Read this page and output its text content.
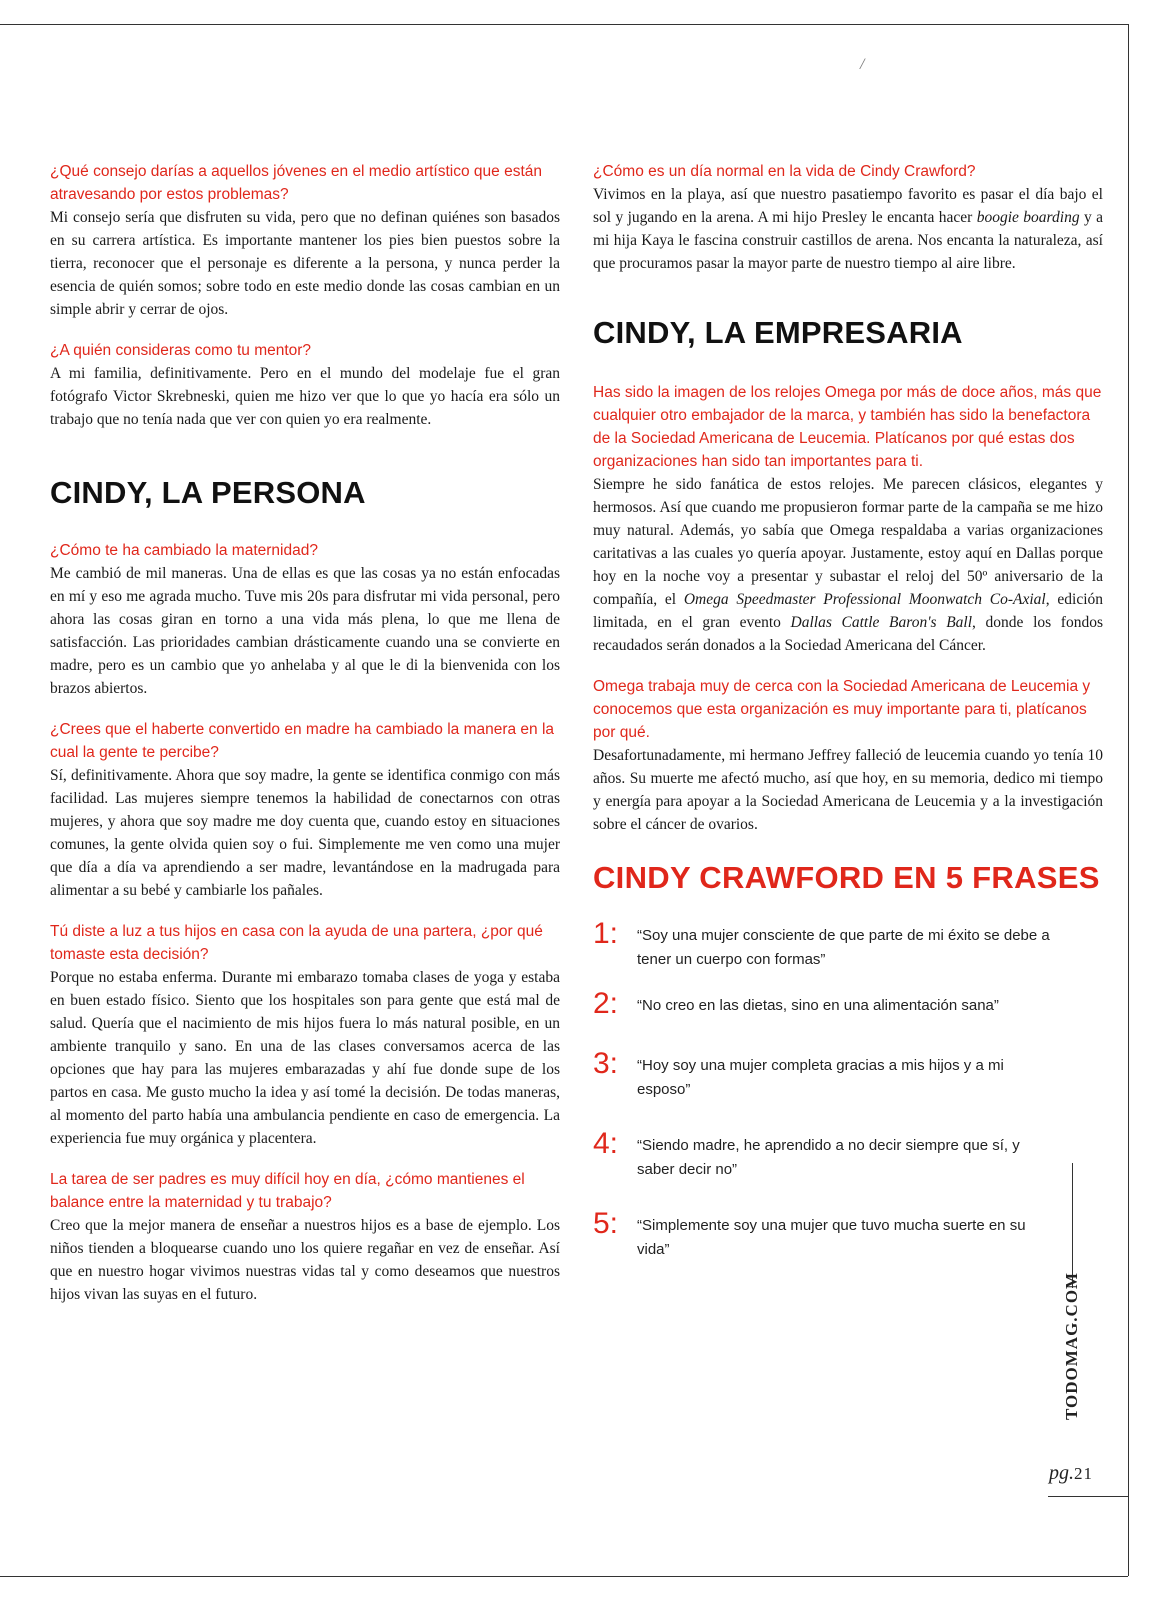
/

¿Qué consejo darías a aquellos jóvenes en el medio artístico que están atravesando por estos problemas?

Mi consejo sería que disfruten su vida, pero que no definan quiénes son basados en su carrera artística. Es importante mantener los pies bien puestos sobre la tierra, reconocer que el personaje es diferente a la persona, y nunca perder la esencia de quién somos; sobre todo en este medio donde las cosas cambian en un simple abrir y cerrar de ojos.

¿A quién consideras como tu mentor?

A mi familia, definitivamente. Pero en el mundo del modelaje fue el gran fotógrafo Victor Skrebneski, quien me hizo ver que lo que yo hacía era sólo un trabajo que no tenía nada que ver con quien yo era realmente.

CINDY, LA PERSONA

¿Cómo te ha cambiado la maternidad?

Me cambió de mil maneras. Una de ellas es que las cosas ya no están enfocadas en mí y eso me agrada mucho. Tuve mis 20s para disfrutar mi vida personal, pero ahora las cosas giran en torno a una vida más plena, lo que me llena de satisfacción. Las prioridades cambian drásticamente cuando una se convierte en madre, pero es un cambio que yo anhelaba y al que le di la bienvenida con los brazos abiertos.

¿Crees que el haberte convertido en madre ha cambiado la manera en la cual la gente te percibe?

Sí, definitivamente. Ahora que soy madre, la gente se identifica conmigo con más facilidad. Las mujeres siempre tenemos la habilidad de conectarnos con otras mujeres, y ahora que soy madre me doy cuenta que, cuando estoy en situaciones comunes, la gente olvida quien soy o fui. Simplemente me ven como una mujer que día a día va aprendiendo a ser madre, levantándose en la madrugada para alimentar a su bebé y cambiarle los pañales.

Tú diste a luz a tus hijos en casa con la ayuda de una partera, ¿por qué tomaste esta decisión?

Porque no estaba enferma. Durante mi embarazo tomaba clases de yoga y estaba en buen estado físico. Siento que los hospitales son para gente que está mal de salud. Quería que el nacimiento de mis hijos fuera lo más natural posible, en un ambiente tranquilo y sano. En una de las clases conversamos acerca de las opciones que hay para las mujeres embarazadas y ahí fue donde supe de los partos en casa. Me gusto mucho la idea y así tomé la decisión. De todas maneras, al momento del parto había una ambulancia pendiente en caso de emergencia. La experiencia fue muy orgánica y placentera.

La tarea de ser padres es muy difícil hoy en día, ¿cómo mantienes el balance entre la maternidad y tu trabajo?

Creo que la mejor manera de enseñar a nuestros hijos es a base de ejemplo. Los niños tienden a bloquearse cuando uno los quiere regañar en vez de enseñar. Así que en nuestro hogar vivimos nuestras vidas tal y como deseamos que nuestros hijos vivan las suyas en el futuro.

¿Cómo es un día normal en la vida de Cindy Crawford?

Vivimos en la playa, así que nuestro pasatiempo favorito es pasar el día bajo el sol y jugando en la arena. A mi hijo Presley le encanta hacer boogie boarding y a mi hija Kaya le fascina construir castillos de arena. Nos encanta la naturaleza, así que procuramos pasar la mayor parte de nuestro tiempo al aire libre.

CINDY, LA EMPRESARIA

Has sido la imagen de los relojes Omega por más de doce años, más que cualquier otro embajador de la marca, y también has sido la benefactora de la Sociedad Americana de Leucemia. Platícanos por qué estas dos organizaciones han sido tan importantes para ti.

Siempre he sido fanática de estos relojes. Me parecen clásicos, elegantes y hermosos. Así que cuando me propusieron formar parte de la campaña se me hizo muy natural. Además, yo sabía que Omega respaldaba a varias organizaciones caritativas a las cuales yo quería apoyar. Justamente, estoy aquí en Dallas porque hoy en la noche voy a presentar y subastar el reloj del 50º aniversario de la compañía, el Omega Speedmaster Professional Moonwatch Co-Axial, edición limitada, en el gran evento Dallas Cattle Baron's Ball, donde los fondos recaudados serán donados a la Sociedad Americana del Cáncer.

Omega trabaja muy de cerca con la Sociedad Americana de Leucemia y conocemos que esta organización es muy importante para ti, platícanos por qué.

Desafortunadamente, mi hermano Jeffrey falleció de leucemia cuando yo tenía 10 años. Su muerte me afectó mucho, así que hoy, en su memoria, dedico mi tiempo y energía para apoyar a la Sociedad Americana de Leucemia y a la investigación sobre el cáncer de ovarios.

CINDY CRAWFORD EN 5 FRASES
1: “Soy una mujer consciente de que parte de mi éxito se debe a tener un cuerpo con formas”
2: “No creo en las dietas, sino en una alimentación sana”
3: “Hoy soy una mujer completa gracias a mis hijos y a mi esposo”
4: “Siendo madre, he aprendido a no decir siempre que sí, y saber decir no”
5: “Simplemente soy una mujer que tuvo mucha suerte en su vida”
TODOMAG.COM
pg.21
